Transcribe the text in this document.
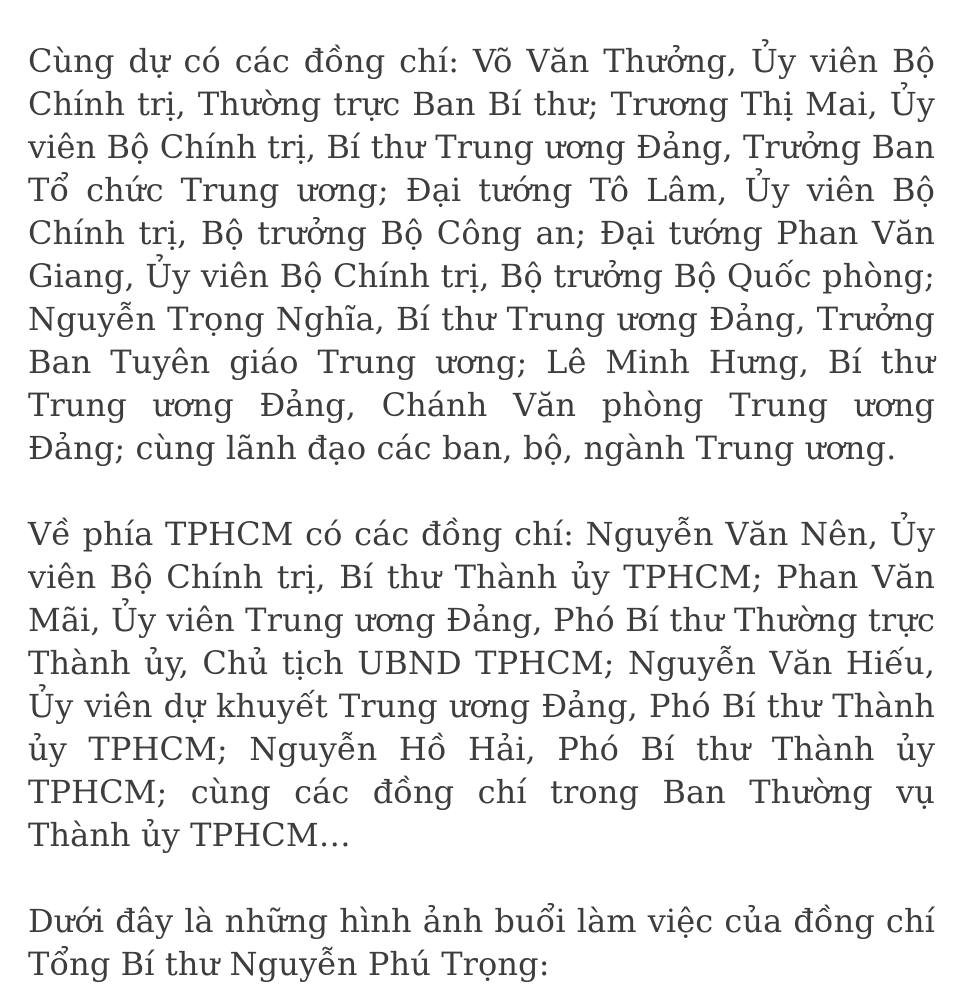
Cùng dự có các đồng chí: Võ Văn Thưởng, Ủy viên Bộ Chính trị, Thường trực Ban Bí thư; Trương Thị Mai, Ủy viên Bộ Chính trị, Bí thư Trung ương Đảng, Trưởng Ban Tổ chức Trung ương; Đại tướng Tô Lâm, Ủy viên Bộ Chính trị, Bộ trưởng Bộ Công an; Đại tướng Phan Văn Giang, Ủy viên Bộ Chính trị, Bộ trưởng Bộ Quốc phòng; Nguyễn Trọng Nghĩa, Bí thư Trung ương Đảng, Trưởng Ban Tuyên giáo Trung ương; Lê Minh Hưng, Bí thư Trung ương Đảng, Chánh Văn phòng Trung ương Đảng; cùng lãnh đạo các ban, bộ, ngành Trung ương.

Về phía TPHCM có các đồng chí: Nguyễn Văn Nên, Ủy viên Bộ Chính trị, Bí thư Thành ủy TPHCM; Phan Văn Mãi, Ủy viên Trung ương Đảng, Phó Bí thư Thường trực Thành ủy, Chủ tịch UBND TPHCM; Nguyễn Văn Hiếu, Ủy viên dự khuyết Trung ương Đảng, Phó Bí thư Thành ủy TPHCM; Nguyễn Hồ Hải, Phó Bí thư Thành ủy TPHCM; cùng các đồng chí trong Ban Thường vụ Thành ủy TPHCM…

Dưới đây là những hình ảnh buổi làm việc của đồng chí Tổng Bí thư Nguyễn Phú Trọng:
